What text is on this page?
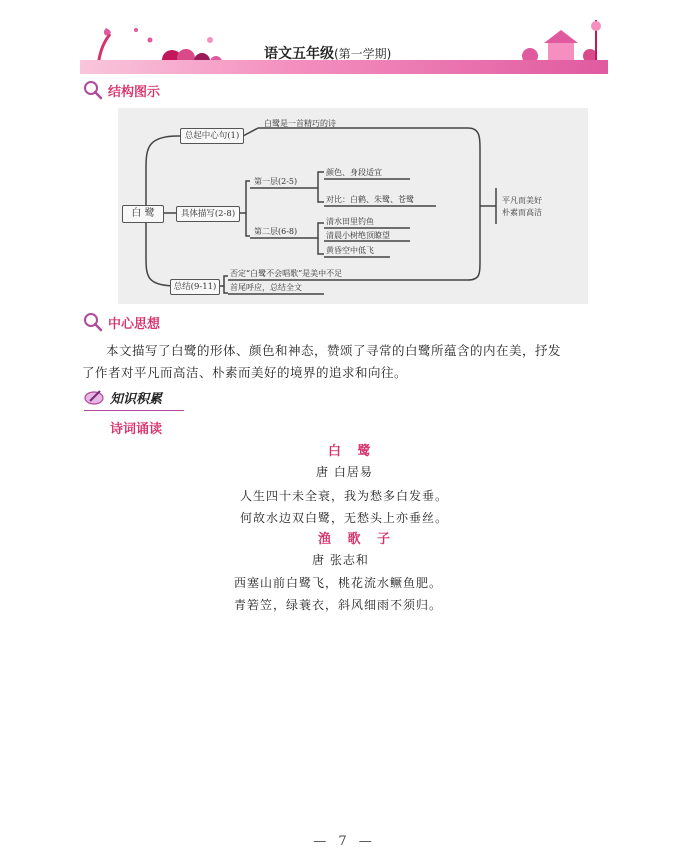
语文五年级(第一学期)
结构图示
白 鹭
总起中心句(1)
白鹭是一首精巧的诗
具体描写(2-8)
第一层(2-5)
颜色、身段适宜
对比：白鹤、朱鹭、苍鹭
第二层(6-8)
清水田里钓鱼
清晨小树绝顶瞭望
黄昏空中低飞
总结(9-11)
否定“白鹭不会唱歌”是美中不足
首尾呼应，总结全文
平凡而美好
朴素而高洁
中心思想
本文描写了白鹭的形体、颜色和神态，赞颂了寻常的白鹭所蕴含的内在美，抒发
了作者对平凡而高洁、朴素而美好的境界的追求和向往。
知识积累
诗词诵读
白 鹭
唐 白居易
人生四十未全衰，我为愁多白发垂。
何故水边双白鹭，无愁头上亦垂丝。
渔 歌 子
唐 张志和
西塞山前白鹭飞，桃花流水鳜鱼肥。
青箬笠，绿蓑衣，斜风细雨不须归。
— 7 —
